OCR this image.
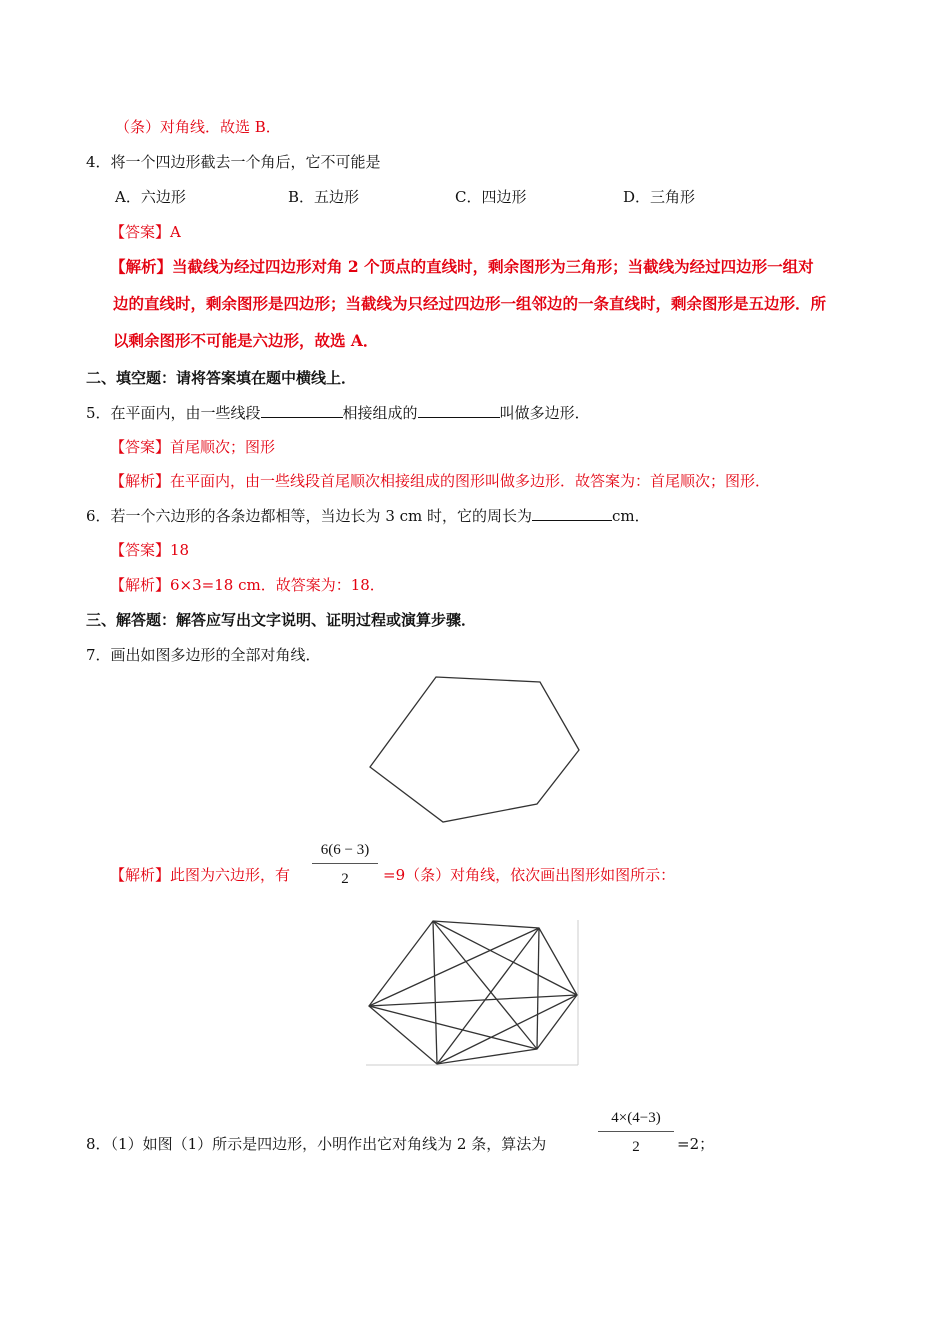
（条）对角线．故选 B．
4．将一个四边形截去一个角后，它不可能是
A．六边形	B．五边形	C．四边形	D．三角形
【答案】A
【解析】当截线为经过四边形对角 2 个顶点的直线时，剩余图形为三角形；当截线为经过四边形一组对
边的直线时，剩余图形是四边形；当截线为只经过四边形一组邻边的一条直线时，剩余图形是五边形．所
以剩余图形不可能是六边形，故选 A．
二、填空题：请将答案填在题中横线上．
5．在平面内，由一些线段	相接组成的	叫做多边形．
【答案】首尾顺次；图形
【解析】在平面内，由一些线段首尾顺次相接组成的图形叫做多边形．故答案为：首尾顺次；图形．
6．若一个六边形的各条边都相等，当边长为 3 cm 时，它的周长为	cm．
【答案】18
【解析】6×3=18 cm．故答案为：18．
三、解答题：解答应写出文字说明、证明过程或演算步骤．
7．画出如图多边形的全部对角线．
【解析】此图为六边形，有
6(6 − 3)
2	=9（条）对角线，依次画出图形如图所示：
8．（1）如图（1）所示是四边形，小明作出它对角线为 2 条，算法为
4×(4−3)
2	=2；
